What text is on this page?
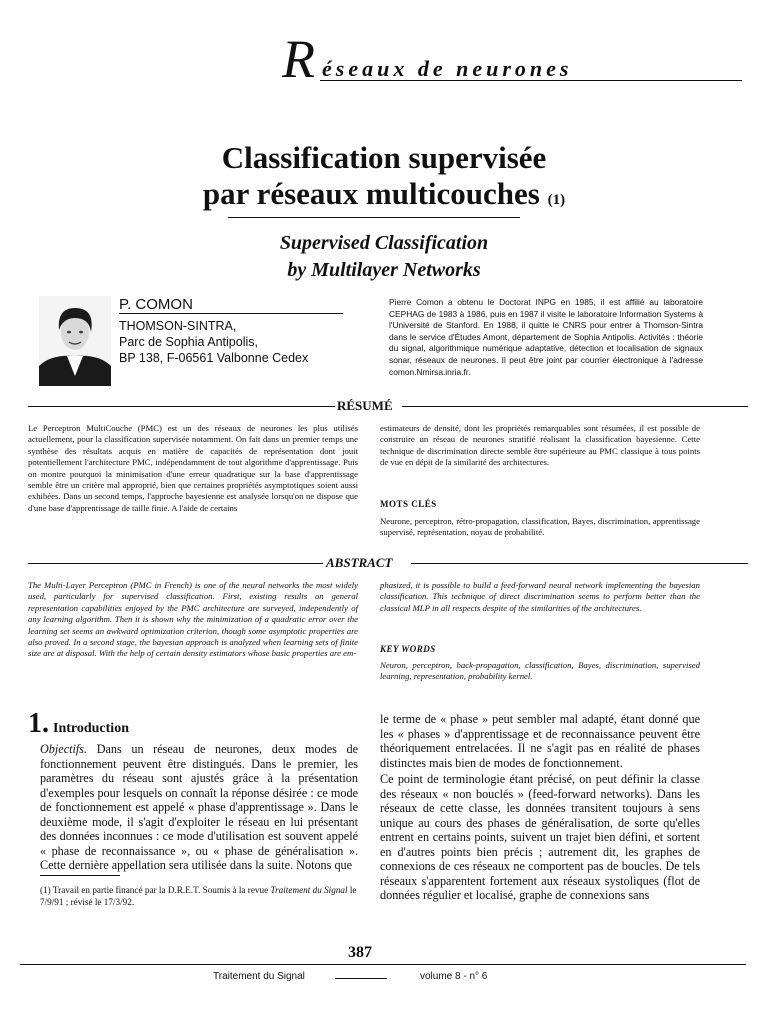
R éseaux de neurones
Classification supervisée
par réseaux multicouches (1)
Supervised Classification
by Multilayer Networks
P. COMON
THOMSON-SINTRA,
Parc de Sophia Antipolis,
BP 138, F-06561 Valbonne Cedex
Pierre Comon a obtenu le Doctorat INPG en 1985, il est affilié au laboratoire CEPHAG de 1983 à 1986, puis en 1987 il visite le laboratoire Information Systems à l'Université de Stanford. En 1988, il quitte le CNRS pour entrer à Thomson-Sintra dans le service d'Études Amont, département de Sophia Antipolis. Activités : théorie du signal, algorithmique numérique adaptative, détection et localisation de signaux sonar, réseaux de neurones. Il peut être joint par courrier électronique à l'adresse comon.Nmirsa.inria.fr.
RÉSUMÉ
Le Perceptron MultiCouche (PMC) est un des réseaux de neurones les plus utilisés actuellement, pour la classification supervisée notamment. On fait dans un premier temps une synthèse des résultats acquis en matière de capacités de représentation dont jouit potentiellement l'architecture PMC, indépendamment de tout algorithme d'apprentissage. Puis on montre pourquoi la minimisation d'une erreur quadratique sur la base d'apprentissage semble être un critère mal approprié, bien que certaines propriétés asymptotiques soient aussi exhibées. Dans un second temps, l'approche bayesienne est analysée lorsqu'on ne dispose que d'une base d'apprentissage de taille finie. A l'aide de certains
estimateurs de densité, dont les propriétés remarquables sont résumées, il est possible de construire un réseau de neurones stratifié réalisant la classification bayesienne. Cette technique de discrimination directe semble être supérieure au PMC classique à tous points de vue en dépit de la similarité des architectures.
MOTS CLÉS
Neurone, perceptron, rétro-propagation, classification, Bayes, discrimination, apprentissage supervisé, représentation, noyau de probabilité.
ABSTRACT
The Multi-Layer Perceptron (PMC in French) is one of the neural networks the most widely used, particularly for supervised classification. First, existing results on general representation capabilities enjoyed by the PMC architecture are surveyed, independently of any learning algorithm. Then it is shown why the minimization of a quadratic error over the learning set seems an awkward optimization criterion, though some asymptotic properties are also proved. In a second stage, the bayesian approach is analyzed when learning sets of finite size are at disposal. With the help of certain density estimators whose basic properties are em-
phasized, it is possible to build a feed-forward neural network implementing the bayesian classification. This technique of direct discrimination seems to perform better than the classical MLP in all respects despite of the similarities of the architectures.
KEY WORDS
Neuron, perceptron, back-propagation, classification, Bayes, discrimination, supervised learning, representation, probability kernel.
1. Introduction
Objectifs. Dans un réseau de neurones, deux modes de fonctionnement peuvent être distingués. Dans le premier, les paramètres du réseau sont ajustés grâce à la présentation d'exemples pour lesquels on connaît la réponse désirée : ce mode de fonctionnement est appelé « phase d'apprentissage ». Dans le deuxième mode, il s'agit d'exploiter le réseau en lui présentant des données inconnues : ce mode d'utilisation est souvent appelé « phase de reconnaissance », ou « phase de généralisation ». Cette dernière appellation sera utilisée dans la suite. Notons que
le terme de « phase » peut sembler mal adapté, étant donné que les « phases » d'apprentissage et de reconnaissance peuvent être théoriquement entrelacées. Il ne s'agit pas en réalité de phases distinctes mais bien de modes de fonctionnement.
Ce point de terminologie étant précisé, on peut définir la classe des réseaux « non bouclés » (feed-forward networks). Dans les réseaux de cette classe, les données transitent toujours à sens unique au cours des phases de généralisation, de sorte qu'elles entrent en certains points, suivent un trajet bien défini, et sortent en d'autres points bien précis ; autrement dit, les graphes de connexions de ces réseaux ne comportent pas de boucles. De tels réseaux s'apparentent fortement aux réseaux systoliques (flot de données régulier et localisé, graphe de connexions sans
(1) Travail en partie financé par la D.R.E.T. Soumis à la revue Traitement du Signal le 7/9/91 ; révisé le 17/3/92.
387
Traitement du Signal	volume 8 - n° 6
